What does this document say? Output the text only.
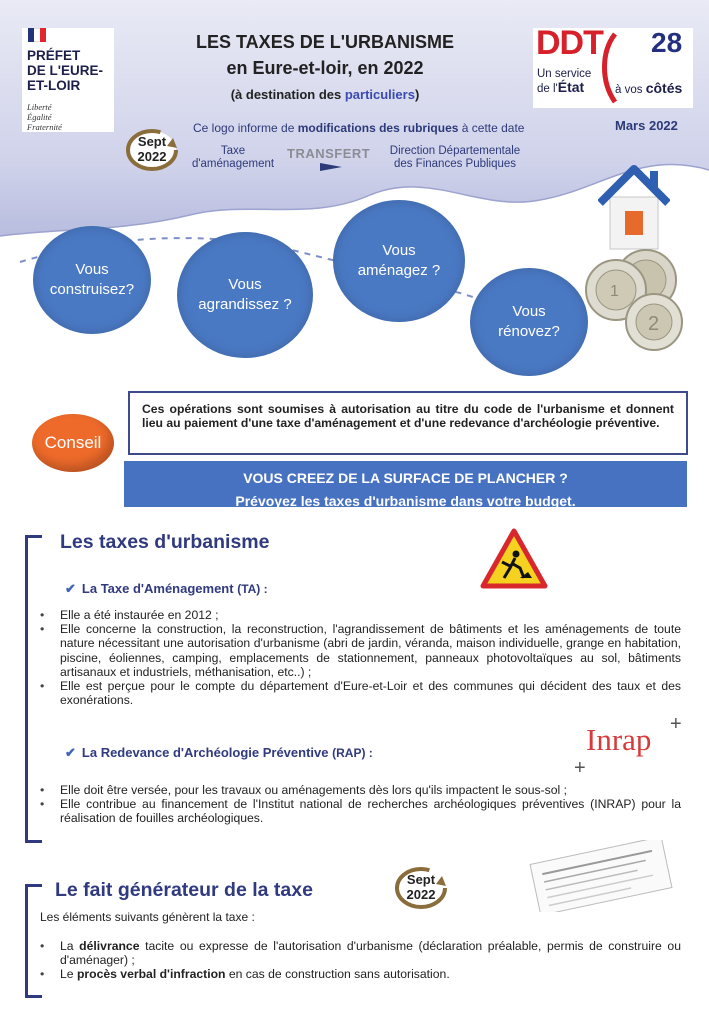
PRÉFET
DE L'EURE-
ET-LOIR
Liberté
Égalité
Fraternité
LES TAXES DE L'URBANISME
en Eure-et-loir, en 2022
(à destination des particuliers)
DDT 28
Un service
de l'État	à vos côtés
Mars 2022
Sept
2022
Ce logo informe de modifications des rubriques à cette date
Taxe
d'aménagement
TRANSFERT	Direction Départementale
des Finances Publiques
Vous
construisez?	Vous
agrandissez ?
Vous
aménagez ?
Vous
rénovez?	2
1

Ces opérations sont soumises à autorisation au titre du code de l'urbanisme et donnent lieu au paiement d'une taxe d'aménagement et d'une redevance d'archéologie préventive.

Conseil
VOUS CREEZ DE LA SURFACE DE PLANCHER ?
Prévoyez les taxes d'urbanisme dans votre budget.
Les taxes d'urbanisme
✔ La Taxe d'Aménagement (TA) :
• Elle a été instaurée en 2012 ;
• Elle concerne la construction, la reconstruction, l'agrandissement de bâtiments et les aménagements de toute nature nécessitant une autorisation d'urbanisme (abri de jardin, véranda, maison individuelle, grange en habitation, piscine, éoliennes, camping, emplacements de stationnement, panneaux photovoltaïques au sol, bâtiments artisanaux et industriels, méthanisation, etc..) ;
• Elle est perçue pour le compte du département d'Eure-et-Loir et des communes qui décident des taux et des exonérations.
✔ La Redevance d'Archéologie Préventive (RAP) :	Inrap +
+
• Elle doit être versée, pour les travaux ou aménagements dès lors qu'ils impactent le sous-sol ;
• Elle contribue au financement de l'Institut national de recherches archéologiques préventives (INRAP) pour la réalisation de fouilles archéologiques.
Le fait générateur de la taxe	Sept
2022
Les éléments suivants génèrent la taxe :
• La délivrance tacite ou expresse de l'autorisation d'urbanisme (déclaration préalable, permis de construire ou d'aménager) ;
• Le procès verbal d'infraction en cas de construction sans autorisation.
